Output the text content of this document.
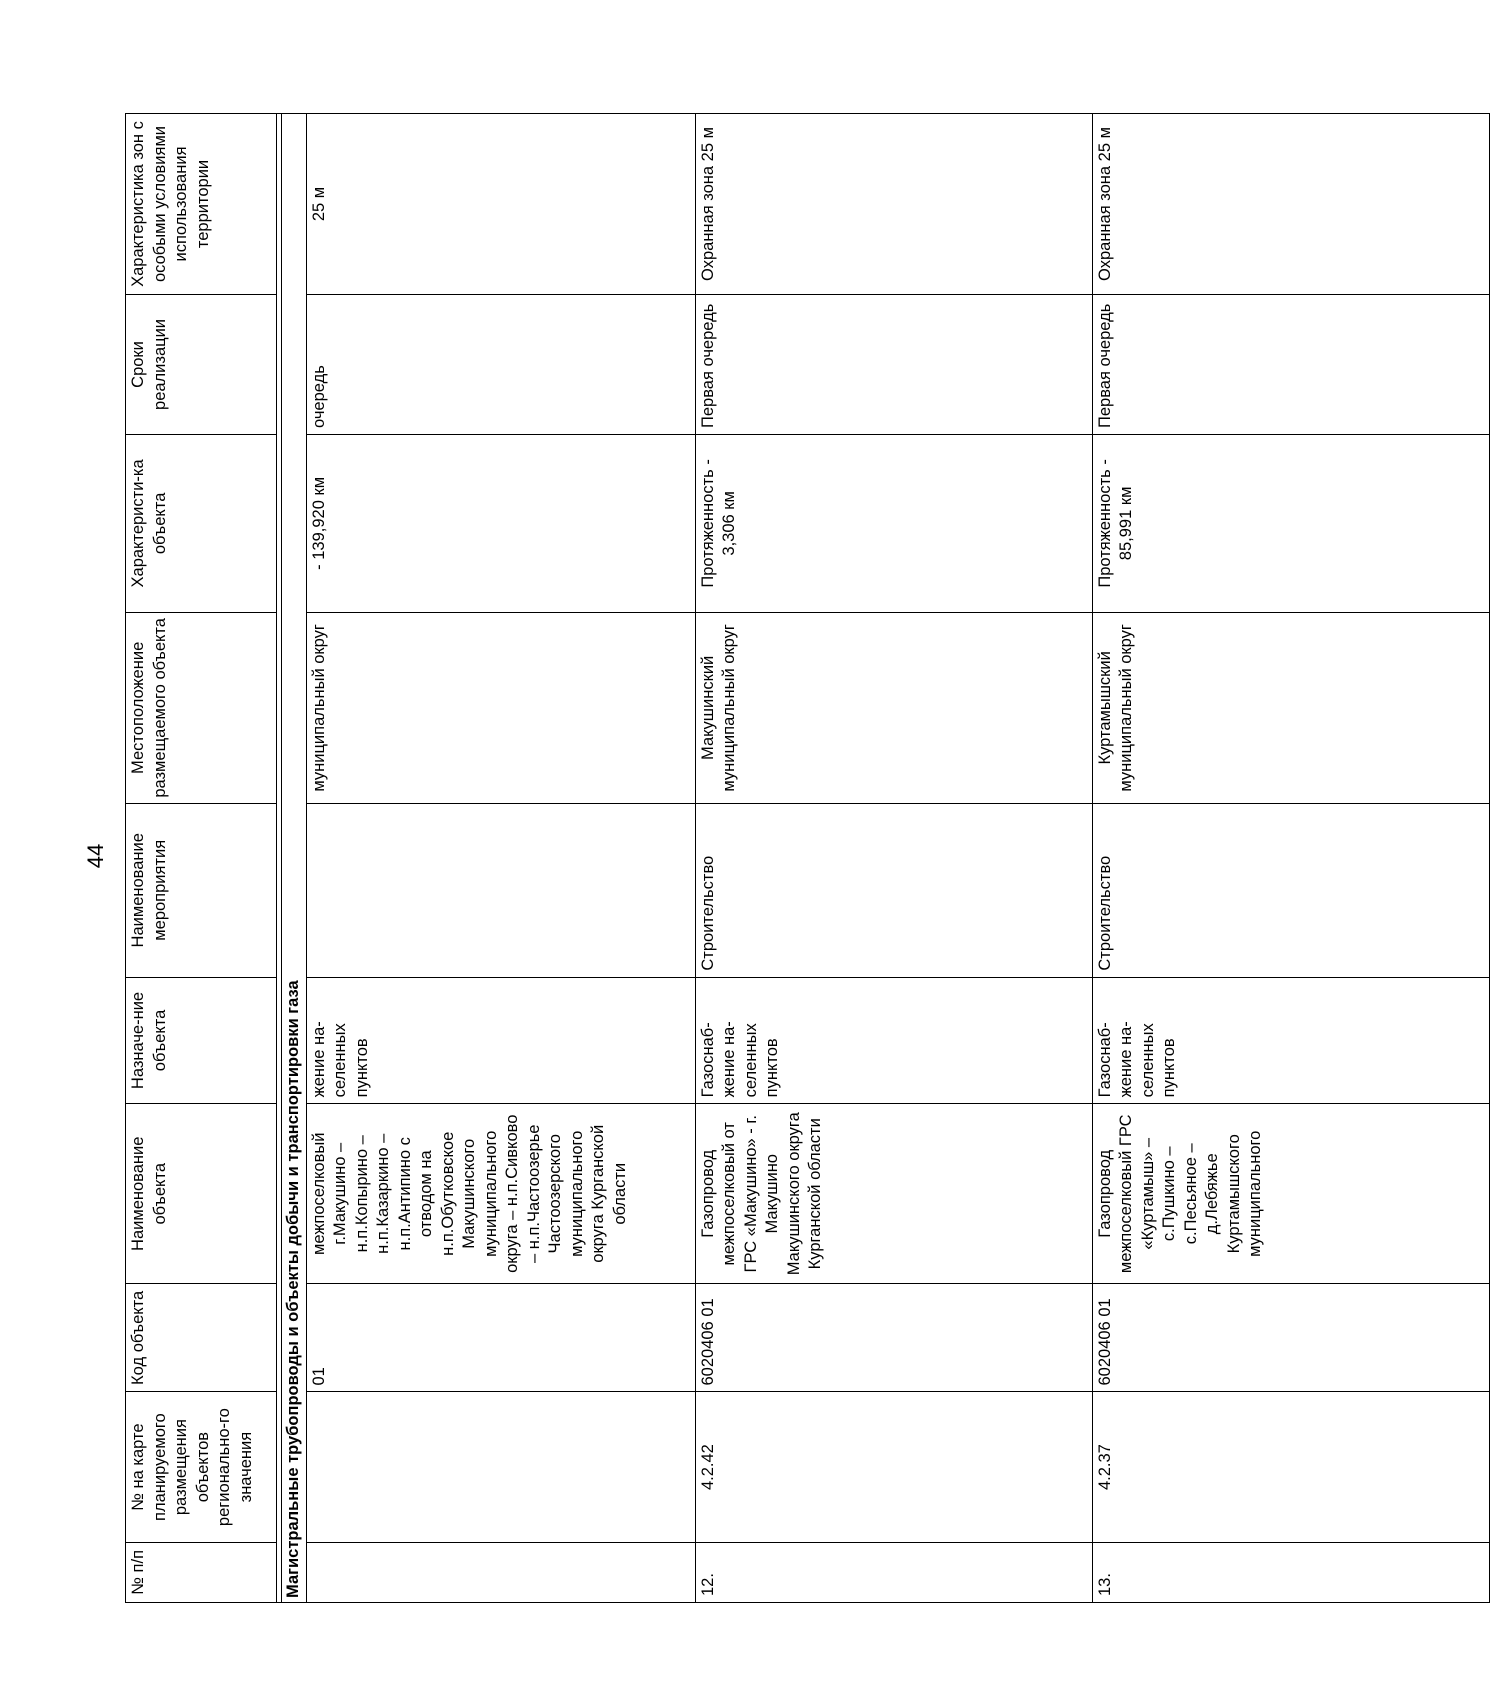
44
№ п/п	№ на карте планируемого размещения объектов регионально-го значения	Код объекта	Наименование объекта	Назначе-ние объекта	Наименование мероприятия	Местоположение размещаемого объекта	Характеристи-ка объекта	Сроки реализации	Характеристика зон с особыми условиями использования территории

Магистральные трубопроводы и объекты добычи и транспортировки газа									
		01	межпоселковый г.Макушино – н.п.Копырино – н.п.Казаркино – н.п.Антипино с отводом на н.п.Обутковское Макушинского муниципального округа – н.п.Сивково – н.п.Частоозерье Частоозерского муниципального округа Курганской области	жение на-селенных пунктов		муниципальный округ	- 139,920 км	очередь	25 м
12.	4.2.42	6020406 01	Газопровод межпоселковый от ГРС «Макушино» - г. Макушино Макушинского округа Курганской области	Газоснаб-жение на-селенных пунктов	Строительство	Макушинский муниципальный округ	Протяженность - 3,306 км	Первая очередь	Охранная зона 25 м
13.	4.2.37	6020406 01	Газопровод межпоселковый ГРС «Куртамыш» – с.Пушкино – с.Песьяное – д.Лебяжье Куртамышского муниципального	Газоснаб-жение на-селенных пунктов	Строительство	Куртамышский муниципальный округ	Протяженность - 85,991 км	Первая очередь	Охранная зона 25 м
